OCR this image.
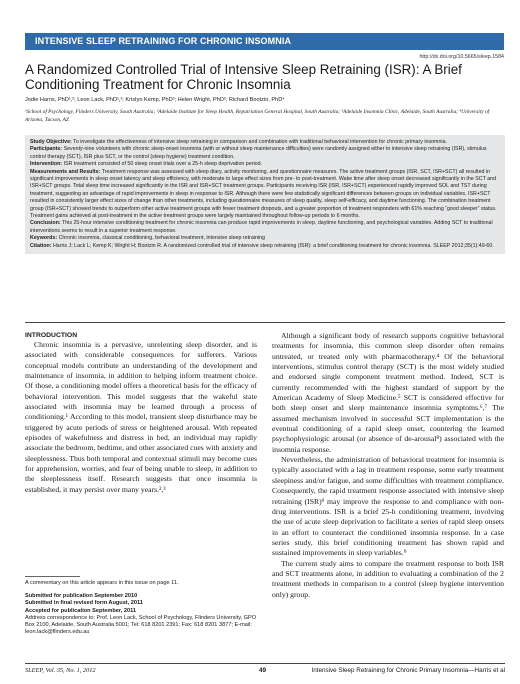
INTENSIVE SLEEP RETRAINING FOR CHRONIC INSOMNIA
http://dx.doi.org/10.5665/sleep.1584
A Randomized Controlled Trial of Intensive Sleep Retraining (ISR): A Brief Conditioning Treatment for Chronic Insomnia
Jodie Harris, PhD¹,²; Leon Lack, PhD¹,²; Kristyn Kemp, PhD³; Helen Wright, PhD²; Richard Bootzin, PhD⁴
¹School of Psychology, Flinders University, South Australia; ²Adelaide Institute for Sleep Health, Repatriation General Hospital, South Australia; ³Adelaide Insomnia Clinic, Adelaide, South Australia; ⁴University of Arizona, Tucson, AZ

Study Objective: To investigate the effectiveness of intensive sleep retraining in comparison and combination with traditional behavioral intervention for chronic primary insomnia.

Participants: Seventy-nine volunteers with chronic sleep-onset insomnia (with or without sleep maintenance difficulties) were randomly assigned either to intensive sleep retraining (ISR), stimulus control therapy (SCT), ISR plus SCT, or the control (sleep hygiene) treatment condition.

Intervention: ISR treatment consisted of 50 sleep onset trials over a 25-h sleep deprivation period.

Measurements and Results: Treatment response was assessed with sleep diary, activity monitoring, and questionnaire measures. The active treatment groups (ISR, SCT, ISR+SCT) all resulted in significant improvements in sleep onset latency and sleep efficiency, with moderate to large effect sizes from pre- to post-treatment. Wake time after sleep onset decreased significantly in the SCT and ISR+SCT groups. Total sleep time increased significantly in the ISR and ISR+SCT treatment groups. Participants receiving ISR (ISR, ISR+SCT) experienced rapidly improved SOL and TST during treatment, suggesting an advantage of rapid improvements in sleep in response to ISR. Although there were few statistically significant differences between groups on individual variables, ISR+SCT resulted in consistently larger effect sizes of change than other treatments, including questionnaire measures of sleep quality, sleep self-efficacy, and daytime functioning. The combination treatment group (ISR+SCT) showed trends to outperform other active treatment groups with fewer treatment dropouts, and a greater proportion of treatment responders with 61% reaching “good sleeper” status. Treatment gains achieved at post-treatment in the active treatment groups were largely maintained throughout follow-up periods to 6 months.

Conclusion: This 25-hour intensive conditioning treatment for chronic insomnia can produce rapid improvements in sleep, daytime functioning, and psychological variables. Adding SCT to traditional interventions seems to result in a superior treatment response.

Keywords: Chronic insomnia, classical conditioning, behavioral treatment, intensive sleep retraining

Citation: Harris J; Lack L; Kemp K; Wright H; Bootzin R. A randomized controlled trial of intensive sleep retraining (ISR): a brief conditioning treatment for chronic insomnia. SLEEP 2012;35(1):49-60.

INTRODUCTION

Chronic insomnia is a pervasive, unrelenting sleep disorder, and is associated with considerable consequences for sufferers. Various conceptual models contribute an understanding of the development and maintenance of insomnia, in addition to helping inform treatment choice. Of those, a conditioning model offers a theoretical basis for the efficacy of behavioral intervention. This model suggests that the wakeful state associated with insomnia may be learned through a process of conditioning.¹ According to this model, transient sleep disturbance may be triggered by acute periods of stress or heightened arousal. With repeated episodes of wakefulness and distress in bed, an individual may rapidly associate the bedroom, bedtime, and other associated cues with anxiety and sleeplessness. Thus both temporal and contextual stimuli may become cues for apprehension, worries, and fear of being unable to sleep, in addition to the sleeplessness itself. Research suggests that once insomnia is established, it may persist over many years.²,³

A commentary on this article appears in this issue on page 11.

Submitted for publication September 2010

Submitted in final revised form August, 2011

Accepted for publication September, 2011

Address correspondence to: Prof. Leon Lack, School of Psychology, Flinders University, GPO Box 2100, Adelaide, South Australia 5001; Tel: 618 8201 2391; Fax: 618 8201 3877; E-mail: leon.lack@flinders.edu.au

Although a significant body of research supports cognitive behavioral treatments for insomnia, this common sleep disorder often remains untreated, or treated only with pharmacotherapy.⁴ Of the behavioral interventions, stimulus control therapy (SCT) is the most widely studied and endorsed single component treatment method. Indeed, SCT is currently recommended with the highest standard of support by the American Academy of Sleep Medicine.⁵ SCT is considered effective for both sleep onset and sleep maintenance insomnia symptoms.⁶,⁷ The assumed mechanism involved in successful SCT implementation is the eventual conditioning of a rapid sleep onset, countering the learned psychophysiologic arousal (or absence of de-arousal⁸) associated with the insomnia response.

Nevertheless, the administration of behavioral treatment for insomnia is typically associated with a lag in treatment response, some early treatment sleepiness and/or fatigue, and some difficulties with treatment compliance. Consequently, the rapid treatment response associated with intensive sleep retraining (ISR)⁹ may improve the response to and compliance with non-drug interventions. ISR is a brief 25-h conditioning treatment, involving the use of acute sleep deprivation to facilitate a series of rapid sleep onsets in an effort to counteract the conditioned insomnia response. In a case series study, this brief conditioning treatment has shown rapid and sustained improvements in sleep variables.⁹

The current study aims to compare the treatment response to both ISR and SCT treatments alone, in addition to evaluating a combination of the 2 treatment methods in comparison to a control (sleep hygiene intervention only) group.

SLEEP, Vol. 35, No. 1, 2012	49	Intensive Sleep Retraining for Chronic Primary Insomnia—Harris et al
